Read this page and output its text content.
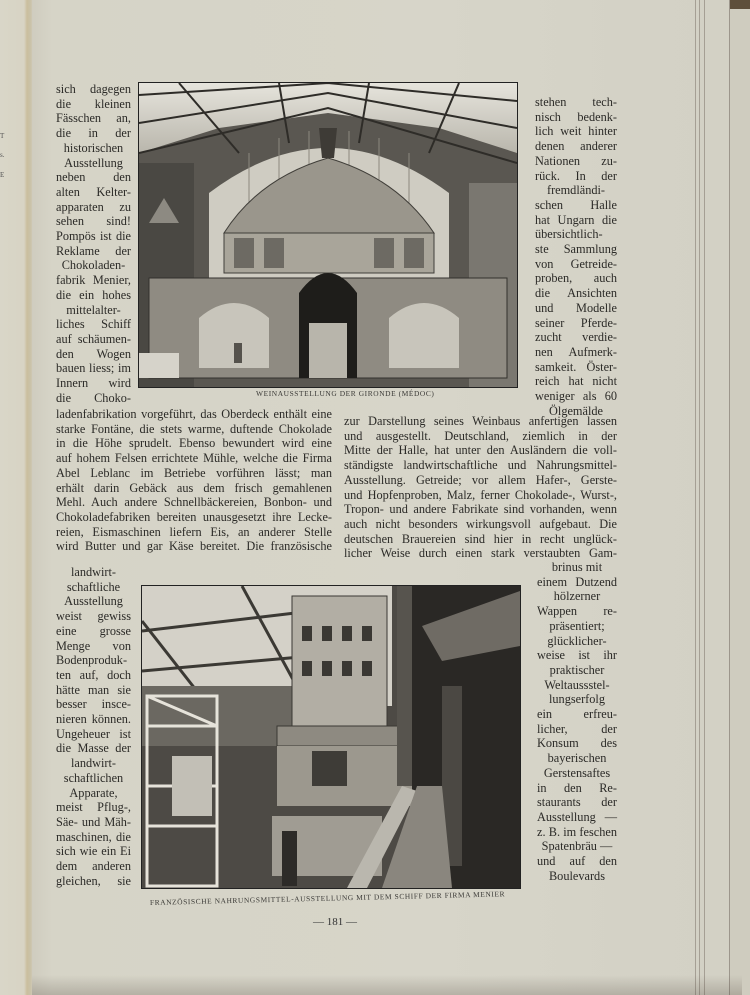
T
s.
E
WEINAUSSTELLUNG DER GIRONDE (MÉDOC)
FRANZÖSISCHE NAHRUNGSMITTEL-AUSSTELLUNG MIT DEM SCHIFF DER FIRMA MENIER
sich dagegen
die kleinen
Fässchen an,
die in der
historischen
Ausstellung
neben den
alten Kelter-
apparaten zu
sehen sind!
Pompös ist die
Reklame der
Chokoladen-
fabrik Menier,
die ein hohes
mittelalter-
liches Schiff
auf schäumen-
den Wogen
bauen liess; im
Innern wird
die Choko-
stehen tech-
nisch bedenk-
lich weit hinter
denen anderer
Nationen zu-
rück. In der
fremdländi-
schen Halle
hat Ungarn die
übersichtlich-
ste Sammlung
von Getreide-
proben, auch
die Ansichten
und Modelle
seiner Pferde-
zucht verdie-
nen Aufmerk-
samkeit. Öster-
reich hat nicht
weniger als 60
Ölgemälde
ladenfabrikation vorgeführt, das Oberdeck enthält eine
starke Fontäne, die stets warme, duftende Chokolade
in die Höhe sprudelt. Ebenso bewundert wird eine
auf hohem Felsen errichtete Mühle, welche die Firma
Abel Leblanc im Betriebe vorführen lässt; man
erhält darin Gebäck aus dem frisch gemahlenen
Mehl. Auch andere Schnellbäckereien, Bonbon- und
Chokoladefabriken bereiten unausgesetzt ihre Lecke-
reien, Eismaschinen liefern Eis, an anderer Stelle
wird Butter und gar Käse bereitet. Die französische
zur Darstellung seines Weinbaus anfertigen lassen
und ausgestellt. Deutschland, ziemlich in der
Mitte der Halle, hat unter den Ausländern die voll-
ständigste landwirtschaftliche und Nahrungsmittel-
Ausstellung. Getreide; vor allem Hafer-, Gerste-
und Hopfenproben, Malz, ferner Chokolade-, Wurst-,
Tropon- und andere Fabrikate sind vorhanden, wenn
auch nicht besonders wirkungsvoll aufgebaut. Die
deutschen Brauereien sind hier in recht unglück-
licher Weise durch einen stark verstaubten Gam-
landwirt-
schaftliche
Ausstellung
weist gewiss
eine grosse
Menge von
Bodenproduk-
ten auf, doch
hätte man sie
besser insce-
nieren können.
Ungeheuer ist
die Masse der
landwirt-
schaftlichen
Apparate,
meist Pflug-,
Säe- und Mäh-
maschinen, die
sich wie ein Ei
dem anderen
gleichen, sie
brinus mit
einem Dutzend
hölzerner
Wappen re-
präsentiert;
glücklicher-
weise ist ihr
praktischer
Weltaussstel-
lungserfolg
ein erfreu-
licher, der
Konsum des
bayerischen
Gerstensaftes
in den Re-
staurants der
Ausstellung —
z. B. im feschen
Spatenbräu —
und auf den
Boulevards
— 181 —
